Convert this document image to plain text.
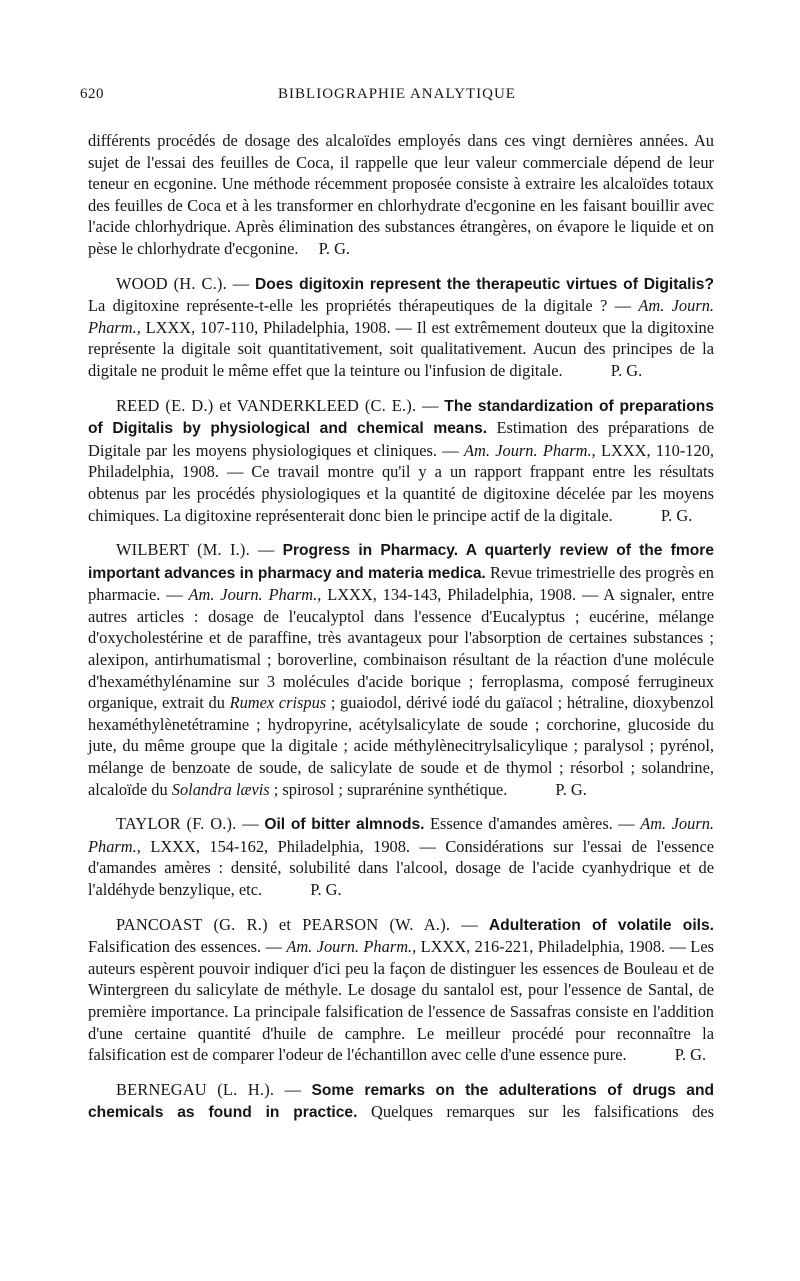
620	BIBLIOGRAPHIE ANALYTIQUE

différents procédés de dosage des alcaloïdes employés dans ces vingt dernières années. Au sujet de l'essai des feuilles de Coca, il rappelle que leur valeur commerciale dépend de leur teneur en ecgonine. Une méthode récemment proposée consiste à extraire les alcaloïdes totaux des feuilles de Coca et à les transformer en chlorhydrate d'ecgonine en les faisant bouillir avec l'acide chlorhydrique. Après élimination des substances étrangères, on évapore le liquide et on pèse le chlorhydrate d'ecgonine. P. G.

WOOD (H. C.). — Does digitoxin represent the therapeutic virtues of Digitalis? La digitoxine représente-t-elle les propriétés thérapeutiques de la digitale ? — Am. Journ. Pharm., LXXX, 107-110, Philadelphia, 1908. — Il est extrêmement douteux que la digitoxine représente la digitale soit quantitativement, soit qualitativement. Aucun des principes de la digitale ne produit le même effet que la teinture ou l'infusion de digitale.	P. G.

REED (E. D.) et VANDERKLEED (C. E.). — The standardization of preparations of Digitalis by physiological and chemical means. Estimation des préparations de Digitale par les moyens physiologiques et cliniques. — Am. Journ. Pharm., LXXX, 110-120, Philadelphia, 1908. — Ce travail montre qu'il y a un rapport frappant entre les résultats obtenus par les procédés physiologiques et la quantité de digitoxine décelée par les moyens chimiques. La digitoxine représenterait donc bien le principe actif de la digitale.	P. G.

WILBERT (M. I.). — Progress in Pharmacy. A quarterly review of the fmore important advances in pharmacy and materia medica. Revue trimestrielle des progrès en pharmacie. — Am. Journ. Pharm., LXXX, 134-143, Philadelphia, 1908. — A signaler, entre autres articles : dosage de l'eucalyptol dans l'essence d'Eucalyptus ; eucérine, mélange d'oxycholestérine et de paraffine, très avantageux pour l'absorption de certaines substances ; alexipon, antirhumatismal ; boroverline, combinaison résultant de la réaction d'une molécule d'hexaméthylénamine sur 3 molécules d'acide borique ; ferroplasma, composé ferrugineux organique, extrait du Rumex crispus ; guaiodol, dérivé iodé du gaïacol ; hétraline, dioxybenzol hexaméthylènetétramine ; hydropyrine, acétylsalicylate de soude ; corchorine, glucoside du jute, du même groupe que la digitale ; acide méthylènecitrylsalicylique ; paralysol ; pyrénol, mélange de benzoate de soude, de salicylate de soude et de thymol ; résorbol ; solandrine, alcaloïde du Solandra lævis ; spirosol ; suprarénine synthétique.	P. G.

TAYLOR (F. O.). — Oil of bitter almnods. Essence d'amandes amères. — Am. Journ. Pharm., LXXX, 154-162, Philadelphia, 1908. — Considérations sur l'essai de l'essence d'amandes amères : densité, solubilité dans l'alcool, dosage de l'acide cyanhydrique et de l'aldéhyde benzylique, etc.	P. G.

PANCOAST (G. R.) et PEARSON (W. A.). — Adulteration of volatile oils. Falsification des essences. — Am. Journ. Pharm., LXXX, 216-221, Philadelphia, 1908. — Les auteurs espèrent pouvoir indiquer d'ici peu la façon de distinguer les essences de Bouleau et de Wintergreen du salicylate de méthyle. Le dosage du santalol est, pour l'essence de Santal, de première importance. La principale falsification de l'essence de Sassafras consiste en l'addition d'une certaine quantité d'huile de camphre. Le meilleur procédé pour reconnaître la falsification est de comparer l'odeur de l'échantillon avec celle d'une essence pure.	P. G.

BERNEGAU (L. H.). — Some remarks on the adulterations of drugs and chemicals as found in practice. Quelques remarques sur les falsifications des
